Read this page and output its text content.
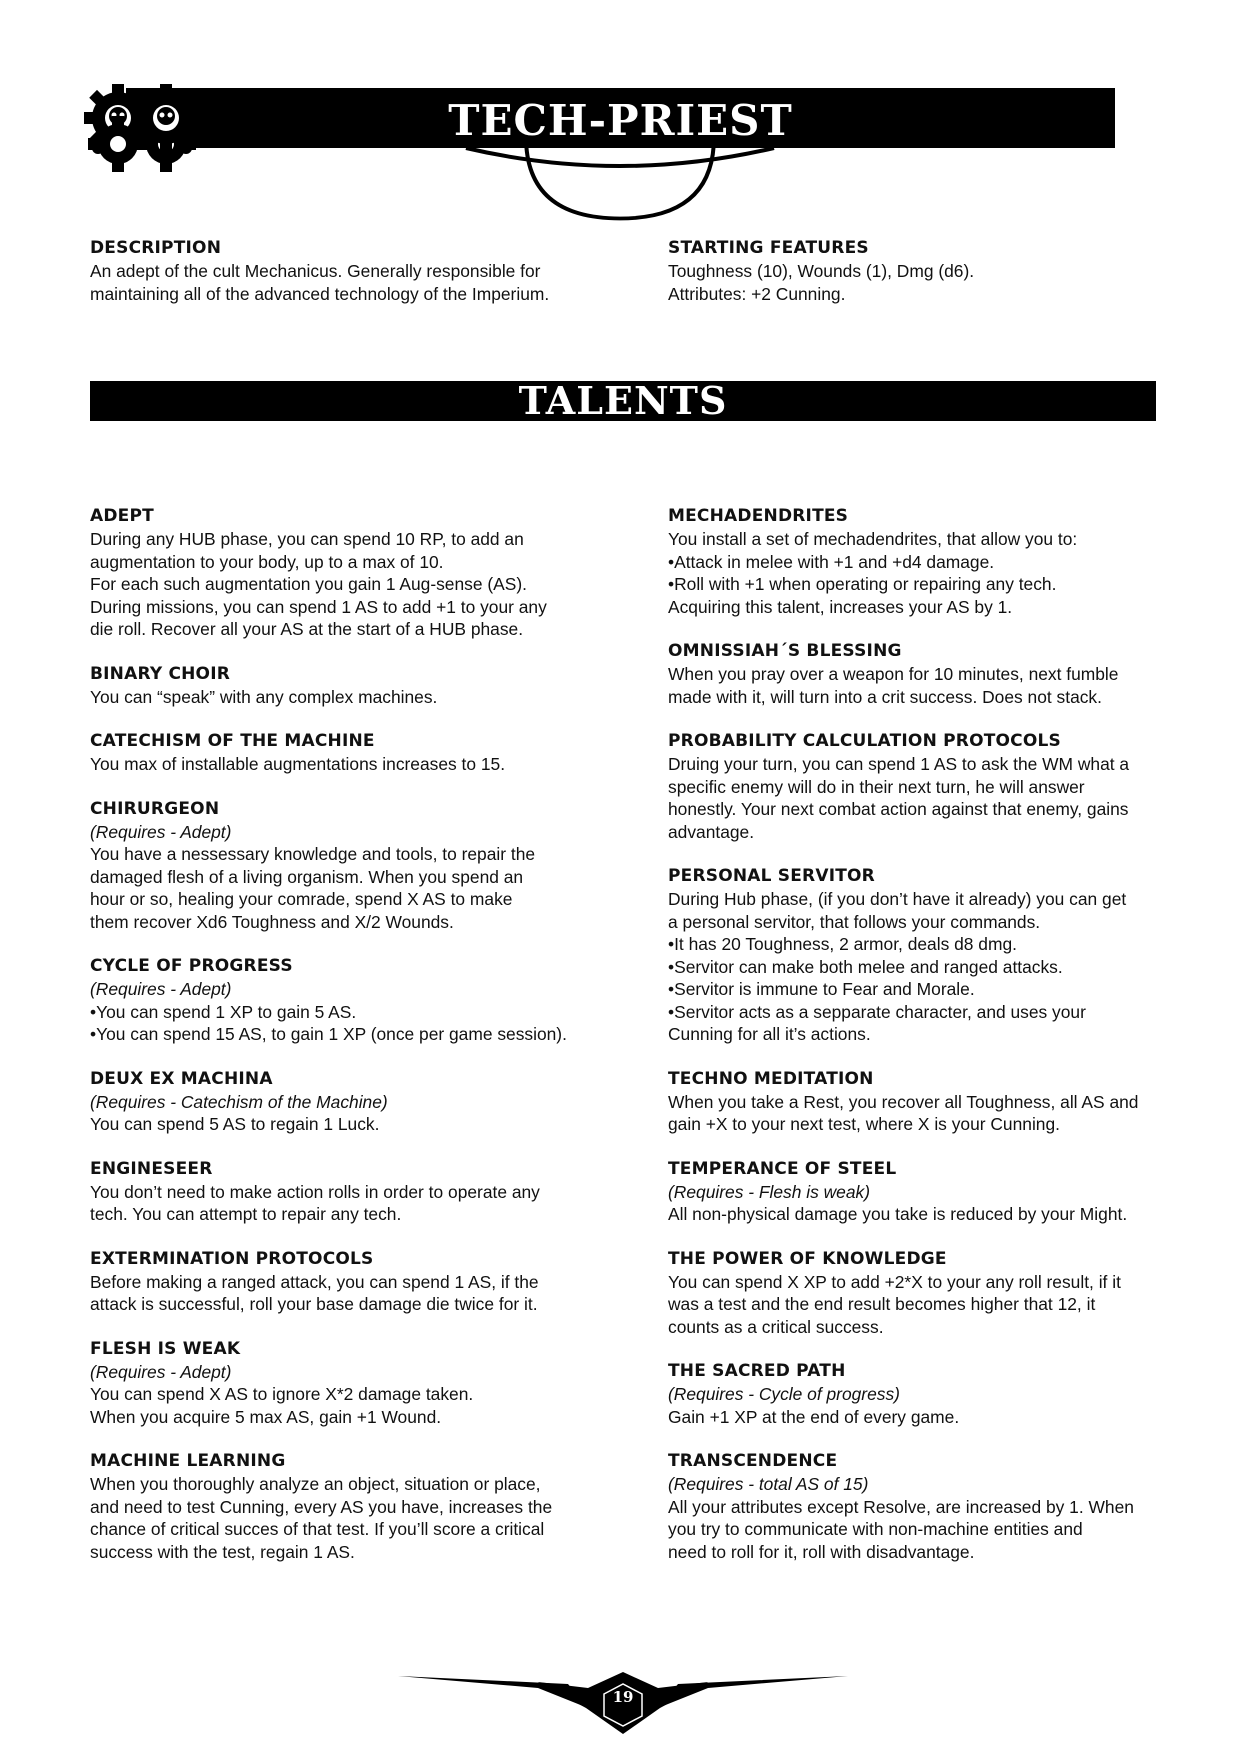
TECH-PRIEST
DESCRIPTION

An adept of the cult Mechanicus. Generally responsible for

maintaining all of the advanced technology of the Imperium.

STARTING FEATURES

Toughness (10), Wounds (1), Dmg (d6).

Attributes: +2 Cunning.

TALENTS
ADEPT

During any HUB phase, you can spend 10 RP, to add an

augmentation to your body, up to a max of 10.

For each such augmentation you gain 1 Aug-sense (AS).

During missions, you can spend 1 AS to add +1 to your any

die roll. Recover all your AS at the start of a HUB phase.

BINARY CHOIR

You can “speak” with any complex machines.

CATECHISM OF THE MACHINE

You max of installable augmentations increases to 15.

CHIRURGEON

(Requires - Adept)

You have a nessessary knowledge and tools, to repair the

damaged flesh of a living organism. When you spend an

hour or so, healing your comrade, spend X AS to make

them recover Xd6 Toughness and X/2 Wounds.

CYCLE OF PROGRESS

(Requires - Adept)

•You can spend 1 XP to gain 5 AS.

•You can spend 15 AS, to gain 1 XP (once per game session).

DEUX EX MACHINA

(Requires - Catechism of the Machine)

You can spend 5 AS to regain 1 Luck.

ENGINESEER

You don’t need to make action rolls in order to operate any

tech. You can attempt to repair any tech.

EXTERMINATION PROTOCOLS

Before making a ranged attack, you can spend 1 AS, if the

attack is successful, roll your base damage die twice for it.

FLESH IS WEAK

(Requires - Adept)

You can spend X AS to ignore X*2 damage taken.

When you acquire 5 max AS, gain +1 Wound.

MACHINE LEARNING

When you thoroughly analyze an object, situation or place,

and need to test Cunning, every AS you have, increases the

chance of critical succes of that test. If you’ll score a critical

success with the test, regain 1 AS.

MECHADENDRITES

You install a set of mechadendrites, that allow you to:

•Attack in melee with +1 and +d4 damage.

•Roll with +1 when operating or repairing any tech.

Acquiring this talent, increases your AS by 1.

OMNISSIAH´S BLESSING

When you pray over a weapon for 10 minutes, next fumble

made with it, will turn into a crit success. Does not stack.

PROBABILITY CALCULATION PROTOCOLS

Druing your turn, you can spend 1 AS to ask the WM what a

specific enemy will do in their next turn, he will answer

honestly. Your next combat action against that enemy, gains

advantage.

PERSONAL SERVITOR

During Hub phase, (if you don’t have it already) you can get

a personal servitor, that follows your commands.

•It has 20 Toughness, 2 armor, deals d8 dmg.

•Servitor can make both melee and ranged attacks.

•Servitor is immune to Fear and Morale.

•Servitor acts as a sepparate character, and uses your

Cunning for all it’s actions.

TECHNO MEDITATION

When you take a Rest, you recover all Toughness, all AS and

gain +X to your next test, where X is your Cunning.

TEMPERANCE OF STEEL

(Requires - Flesh is weak)

All non-physical damage you take is reduced by your Might.

THE POWER OF KNOWLEDGE

You can spend X XP to add +2*X to your any roll result, if it

was a test and the end result becomes higher that 12, it

counts as a critical success.

THE SACRED PATH

(Requires - Cycle of progress)

Gain +1 XP at the end of every game.

TRANSCENDENCE

(Requires - total AS of 15)

All your attributes except Resolve, are increased by 1. When

you try to communicate with non-machine entities and

need to roll for it, roll with disadvantage.

19
